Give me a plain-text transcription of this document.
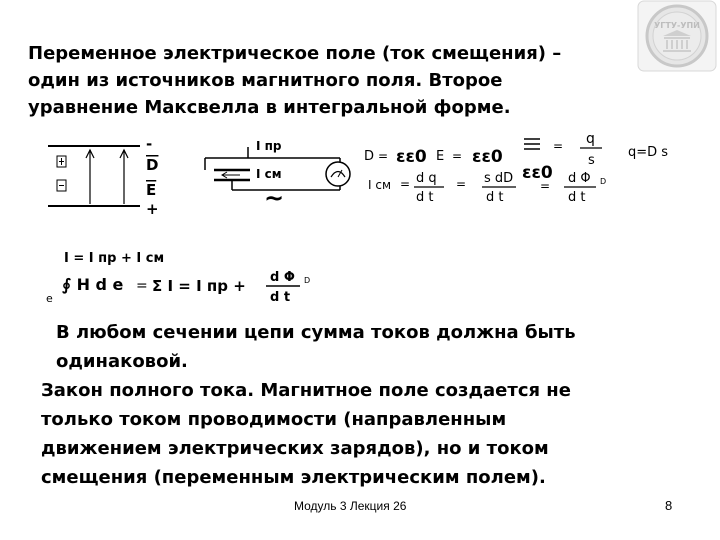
Переменное электрическое поле (ток смещения) –
один из источников магнитного поля. Второе
уравнение Максвелла в интегральной форме.
УГТУ-УПИ
-
D
E
+
I пр
I см
~
D = εε0 E = εε0
= q
s
q=D s
I см = d q
d t
= s dD
d t
εε0
= d Φ
d t
D
I = I пр + I см
∮ H d e
e
= Σ I = I пр + d Φ
d t
D
В любом сечении цепи сумма токов должна быть
одинаковой.
Закон полного тока. Магнитное поле создается не
только током проводимости (направленным
движением электрических зарядов), но и током
смещения (переменным электрическим полем).
Модуль 3 Лекция 26	8
